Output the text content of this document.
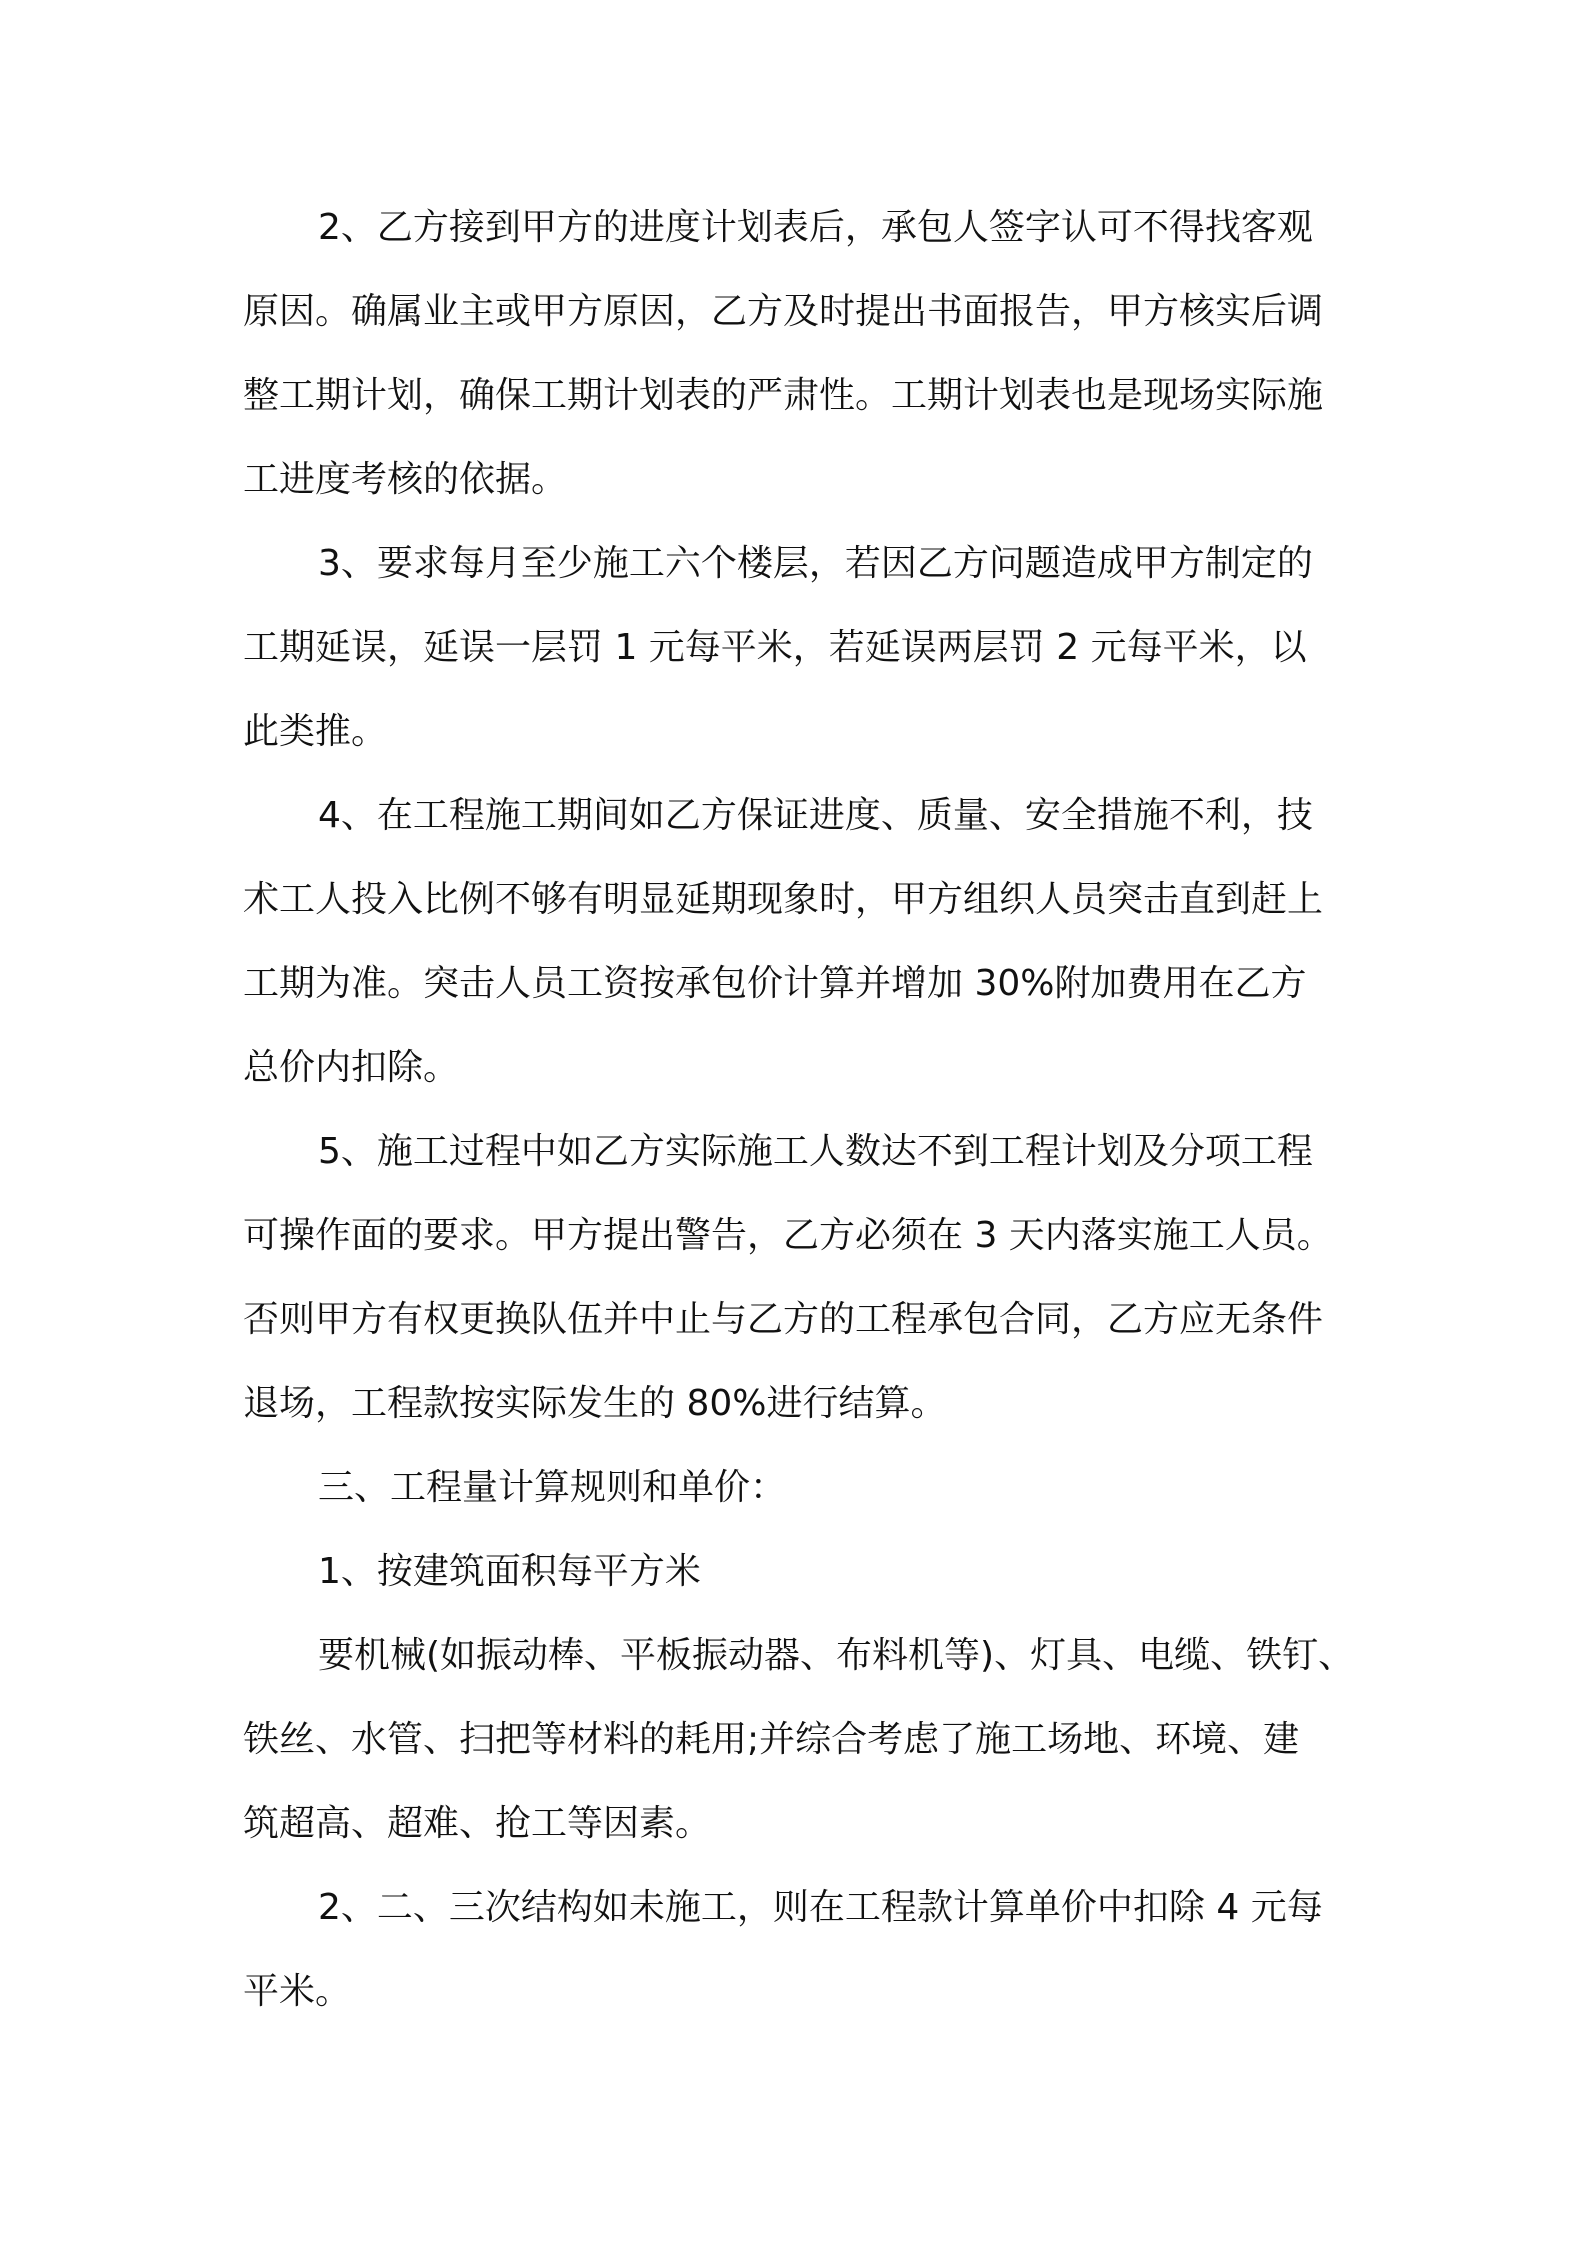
2、乙方接到甲方的进度计划表后，承包人签字认可不得找客观
原因。确属业主或甲方原因，乙方及时提出书面报告，甲方核实后调
整工期计划，确保工期计划表的严肃性。工期计划表也是现场实际施
工进度考核的依据。
3、要求每月至少施工六个楼层，若因乙方问题造成甲方制定的
工期延误，延误一层罚 1 元每平米，若延误两层罚 2 元每平米，以
此类推。
4、在工程施工期间如乙方保证进度、质量、安全措施不利，技
术工人投入比例不够有明显延期现象时，甲方组织人员突击直到赶上
工期为准。突击人员工资按承包价计算并增加 30%附加费用在乙方
总价内扣除。
5、施工过程中如乙方实际施工人数达不到工程计划及分项工程
可操作面的要求。甲方提出警告，乙方必须在 3 天内落实施工人员。
否则甲方有权更换队伍并中止与乙方的工程承包合同，乙方应无条件
退场，工程款按实际发生的 80%进行结算。
三、工程量计算规则和单价：
1、按建筑面积每平方米
要机械(如振动棒、平板振动器、布料机等)、灯具、电缆、铁钉、
铁丝、水管、扫把等材料的耗用;并综合考虑了施工场地、环境、建
筑超高、超难、抢工等因素。
2、二、三次结构如未施工，则在工程款计算单价中扣除 4 元每
平米。
